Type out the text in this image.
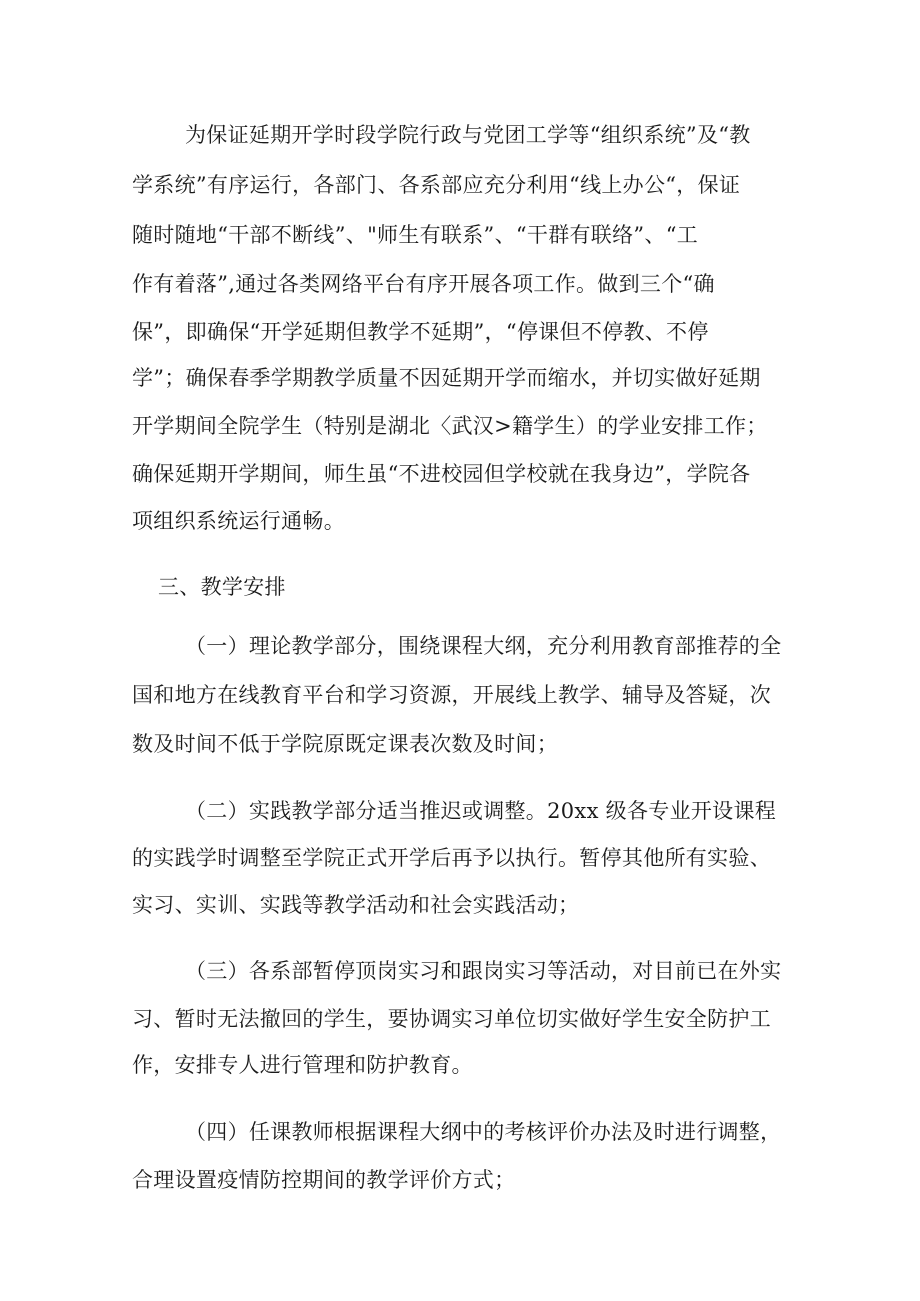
为保证延期开学时段学院行政与党团工学等“组织系统”及“教
学系统”有序运行，各部门、各系部应充分利用“线上办公“，保证
随时随地“干部不断线”、"师生有联系”、“干群有联络”、“工
作有着落”,通过各类网络平台有序开展各项工作。做到三个“确
保”，即确保“开学延期但教学不延期”，“停课但不停教、不停
学”；确保春季学期教学质量不因延期开学而缩水，并切实做好延期
开学期间全院学生（特别是湖北〈武汉>籍学生）的学业安排工作；
确保延期开学期间，师生虽“不进校园但学校就在我身边”，学院各
项组织系统运行通畅。
三、教学安排
（一）理论教学部分，围绕课程大纲，充分利用教育部推荐的全
国和地方在线教育平台和学习资源，开展线上教学、辅导及答疑，次
数及时间不低于学院原既定课表次数及时间；
（二）实践教学部分适当推迟或调整。20xx 级各专业开设课程
的实践学时调整至学院正式开学后再予以执行。暂停其他所有实验、
实习、实训、实践等教学活动和社会实践活动；
（三）各系部暂停顶岗实习和跟岗实习等活动，对目前已在外实
习、暂时无法撤回的学生，要协调实习单位切实做好学生安全防护工
作，安排专人进行管理和防护教育。
（四）任课教师根据课程大纲中的考核评价办法及时进行调整，
合理设置疫情防控期间的教学评价方式；
